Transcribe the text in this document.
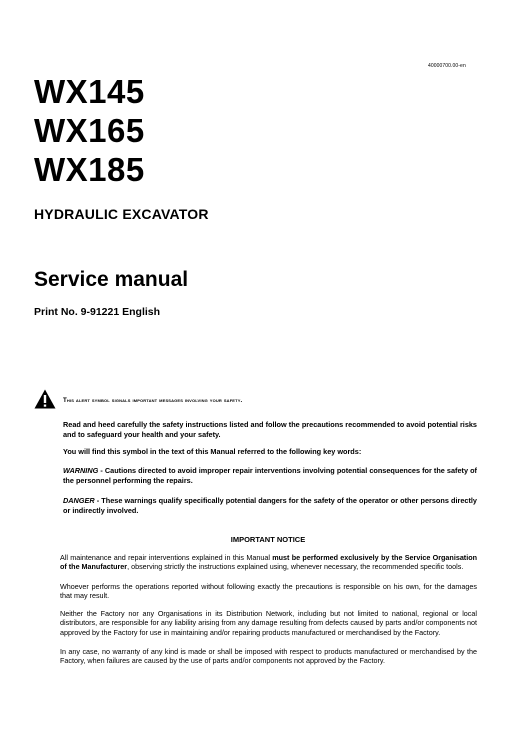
40000700.00-en
WX145
WX165
WX185
HYDRAULIC EXCAVATOR
Service manual
Print No. 9-91221 English
This alert symbol signals important messages involving your safety.
Read and heed carefully the safety instructions listed and follow the precautions recommended to avoid potential risks and to safeguard your health and your safety.
You will find this symbol in the text of this Manual referred to the following key words:
WARNING - Cautions directed to avoid improper repair interventions involving potential consequences for the safety of the personnel performing the repairs.
DANGER - These warnings qualify specifically potential dangers for the safety of the operator or other persons directly or indirectly involved.
IMPORTANT NOTICE
All maintenance and repair interventions explained in this Manual must be performed exclusively by the Service Organisation of the Manufacturer, observing strictly the instructions explained using, whenever necessary, the recommended specific tools.
Whoever performs the operations reported without following exactly the precautions is responsible on his own, for the damages that may result.
Neither the Factory nor any Organisations in its Distribution Network, including but not limited to national, regional or local distributors, are responsible for any liability arising from any damage resulting from defects caused by parts and/or components not approved by the Factory for use in maintaining and/or repairing products manufactured or merchandised by the Factory.
In any case, no warranty of any kind is made or shall be imposed with respect to products manufactured or merchandised by the Factory, when failures are caused by the use of parts and/or components not approved by the Factory.
